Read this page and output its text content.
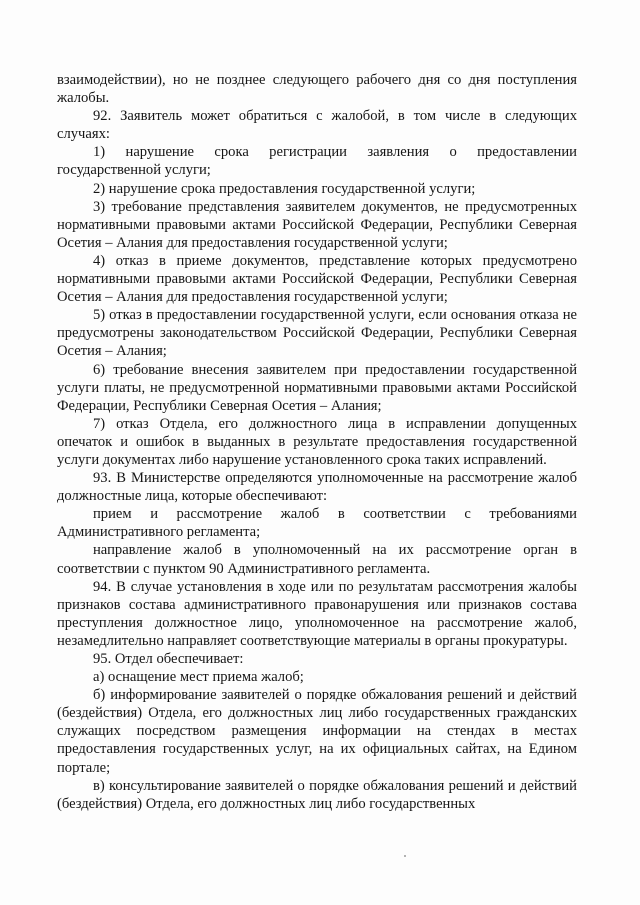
взаимодействии), но не позднее следующего рабочего дня со дня поступления жалобы.

92. Заявитель может обратиться с жалобой, в том числе в следующих случаях:

1) нарушение срока регистрации заявления о предоставлении государственной услуги;

2) нарушение срока предоставления государственной услуги;

3) требование представления заявителем документов, не предусмотренных нормативными правовыми актами Российской Федерации, Республики Северная Осетия – Алания для предоставления государственной услуги;

4) отказ в приеме документов, представление которых предусмотрено нормативными правовыми актами Российской Федерации, Республики Северная Осетия – Алания для предоставления государственной услуги;

5) отказ в предоставлении государственной услуги, если основания отказа не предусмотрены законодательством Российской Федерации, Республики Северная Осетия – Алания;

6) требование внесения заявителем при предоставлении государственной услуги платы, не предусмотренной нормативными правовыми актами Российской Федерации, Республики Северная Осетия – Алания;

7) отказ Отдела, его должностного лица в исправлении допущенных опечаток и ошибок в выданных в результате предоставления государственной услуги документах либо нарушение установленного срока таких исправлений.

93. В Министерстве определяются уполномоченные на рассмотрение жалоб должностные лица, которые обеспечивают:

прием и рассмотрение жалоб в соответствии с требованиями Административного регламента;

направление жалоб в уполномоченный на их рассмотрение орган в соответствии с пунктом 90 Административного регламента.

94. В случае установления в ходе или по результатам рассмотрения жалобы признаков состава административного правонарушения или признаков состава преступления должностное лицо, уполномоченное на рассмотрение жалоб, незамедлительно направляет соответствующие материалы в органы прокуратуры.

95. Отдел обеспечивает:

а) оснащение мест приема жалоб;

б) информирование заявителей о порядке обжалования решений и действий (бездействия) Отдела, его должностных лиц либо государственных гражданских служащих посредством размещения информации на стендах в местах предоставления государственных услуг, на их официальных сайтах, на Едином портале;

в) консультирование заявителей о порядке обжалования решений и действий (бездействия) Отдела, его должностных лиц либо государственных
